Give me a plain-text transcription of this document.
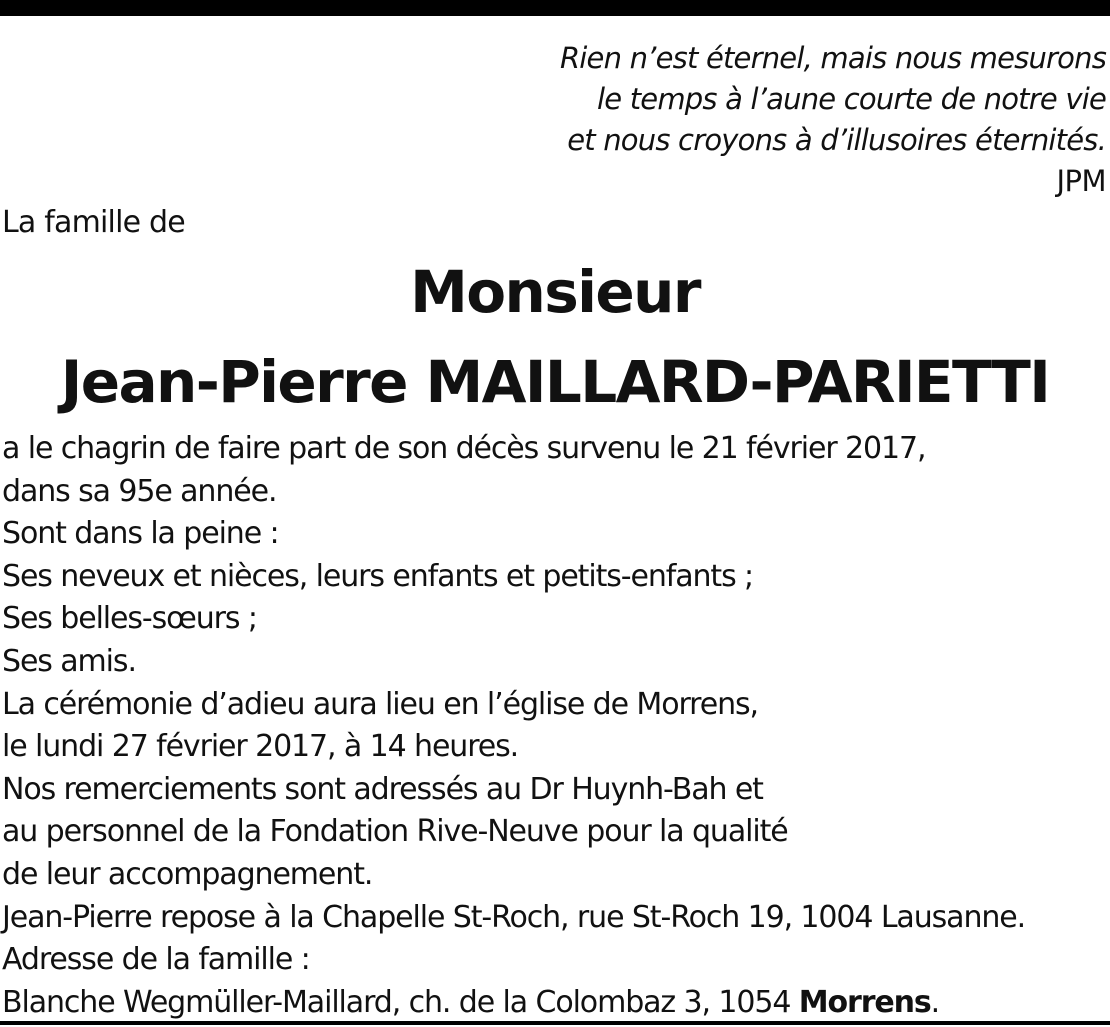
Rien n’est éternel, mais nous mesurons
le temps à l’aune courte de notre vie
et nous croyons à d’illusoires éternités.
JPM
La famille de
Monsieur
Jean-Pierre MAILLARD-PARIETTI
a le chagrin de faire part de son décès survenu le 21 février 2017,
dans sa 95e année.
Sont dans la peine :
Ses neveux et nièces, leurs enfants et petits-enfants ;
Ses belles-sœurs ;
Ses amis.
La cérémonie d’adieu aura lieu en l’église de Morrens,
le lundi 27 février 2017, à 14 heures.
Nos remerciements sont adressés au Dr Huynh-Bah et
au personnel de la Fondation Rive-Neuve pour la qualité
de leur accompagnement.
Jean-Pierre repose à la Chapelle St-Roch, rue St-Roch 19, 1004 Lausanne.
Adresse de la famille :
Blanche Wegmüller-Maillard, ch. de la Colombaz 3, 1054 Morrens.
